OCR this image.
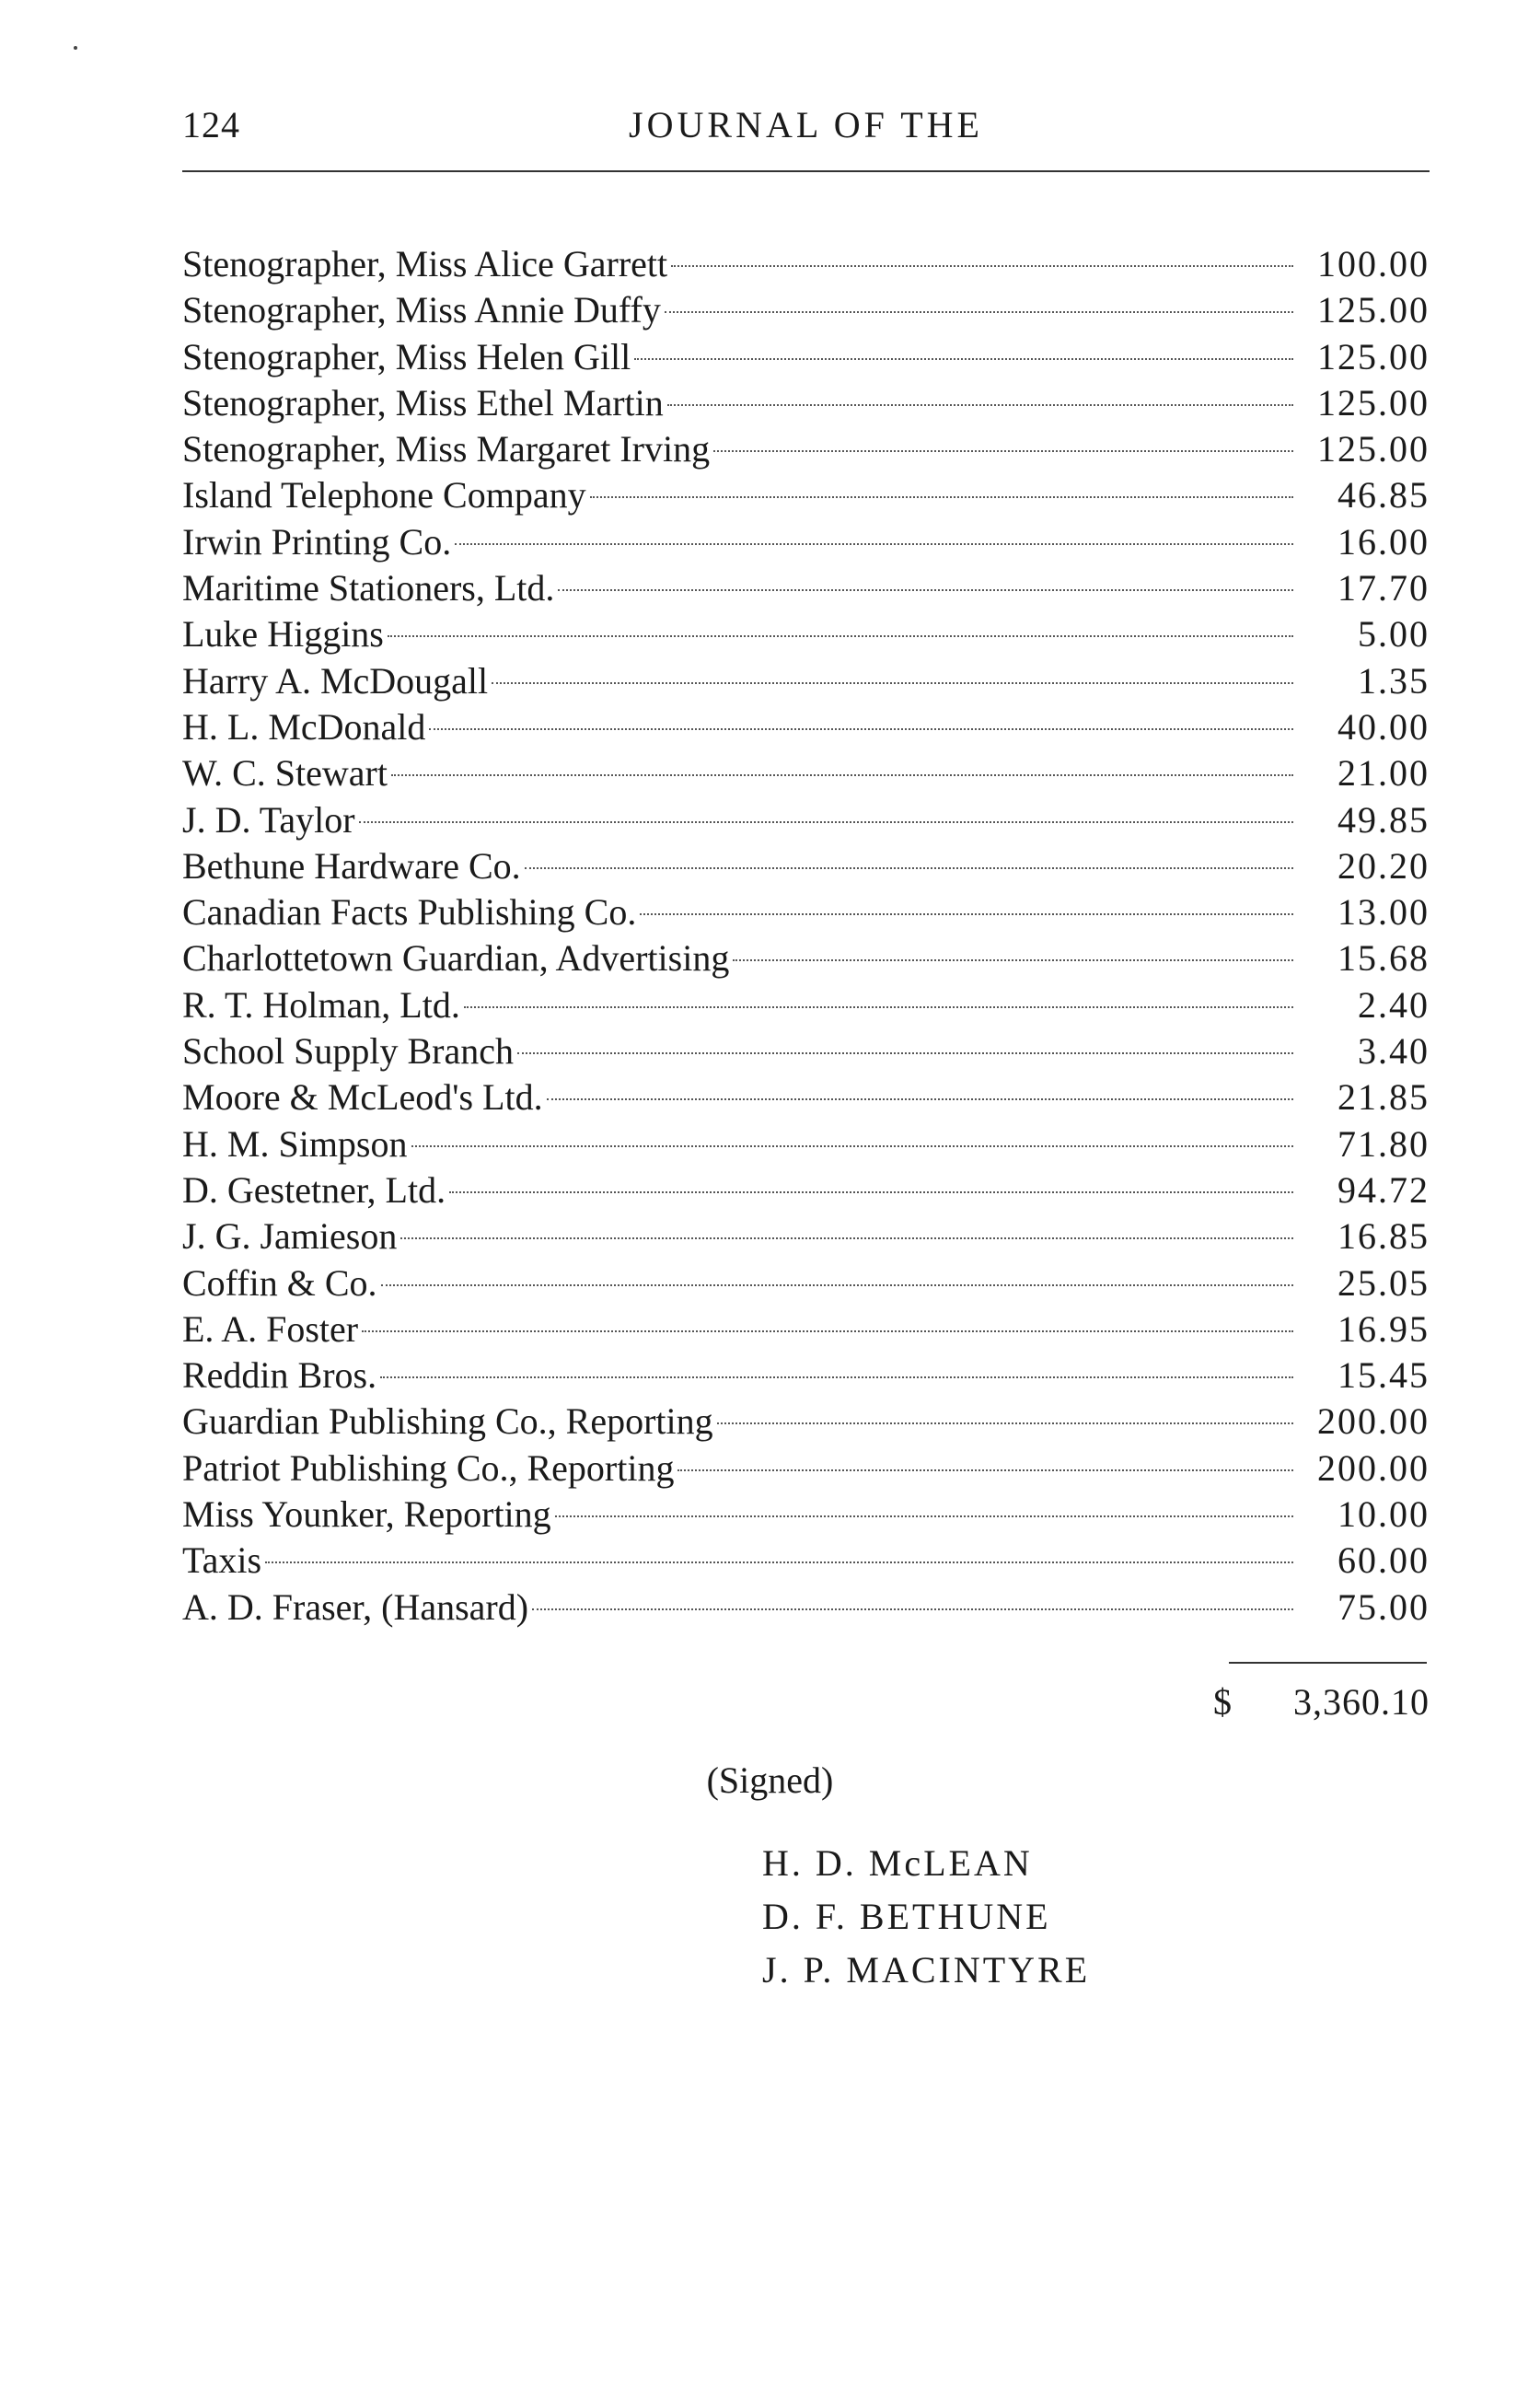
JOURNAL OF THE
124
Stenographer, Miss Alice Garrett	100.00
Stenographer, Miss Annie Duffy	125.00
Stenographer, Miss Helen Gill	125.00
Stenographer, Miss Ethel Martin	125.00
Stenographer, Miss Margaret Irving	125.00
Island Telephone Company	46.85
Irwin Printing Co.	16.00
Maritime Stationers, Ltd.	17.70
Luke Higgins	5.00
Harry A. McDougall	1.35
H. L. McDonald	40.00
W. C. Stewart	21.00
J. D. Taylor	49.85
Bethune Hardware Co.	20.20
Canadian Facts Publishing Co.	13.00
Charlottetown Guardian, Advertising	15.68
R. T. Holman, Ltd.	2.40
School Supply Branch	3.40
Moore & McLeod's Ltd.	21.85
H. M. Simpson	71.80
D. Gestetner, Ltd.	94.72
J. G. Jamieson	16.85
Coffin & Co.	25.05
E. A. Foster	16.95
Reddin Bros.	15.45
Guardian Publishing Co., Reporting	200.00
Patriot Publishing Co., Reporting	200.00
Miss Younker, Reporting	10.00
Taxis	60.00
A. D. Fraser, (Hansard)	75.00
$ 3,360.10
(Signed)
H. D. McLEAN
D. F. BETHUNE
J. P. MACINTYRE
